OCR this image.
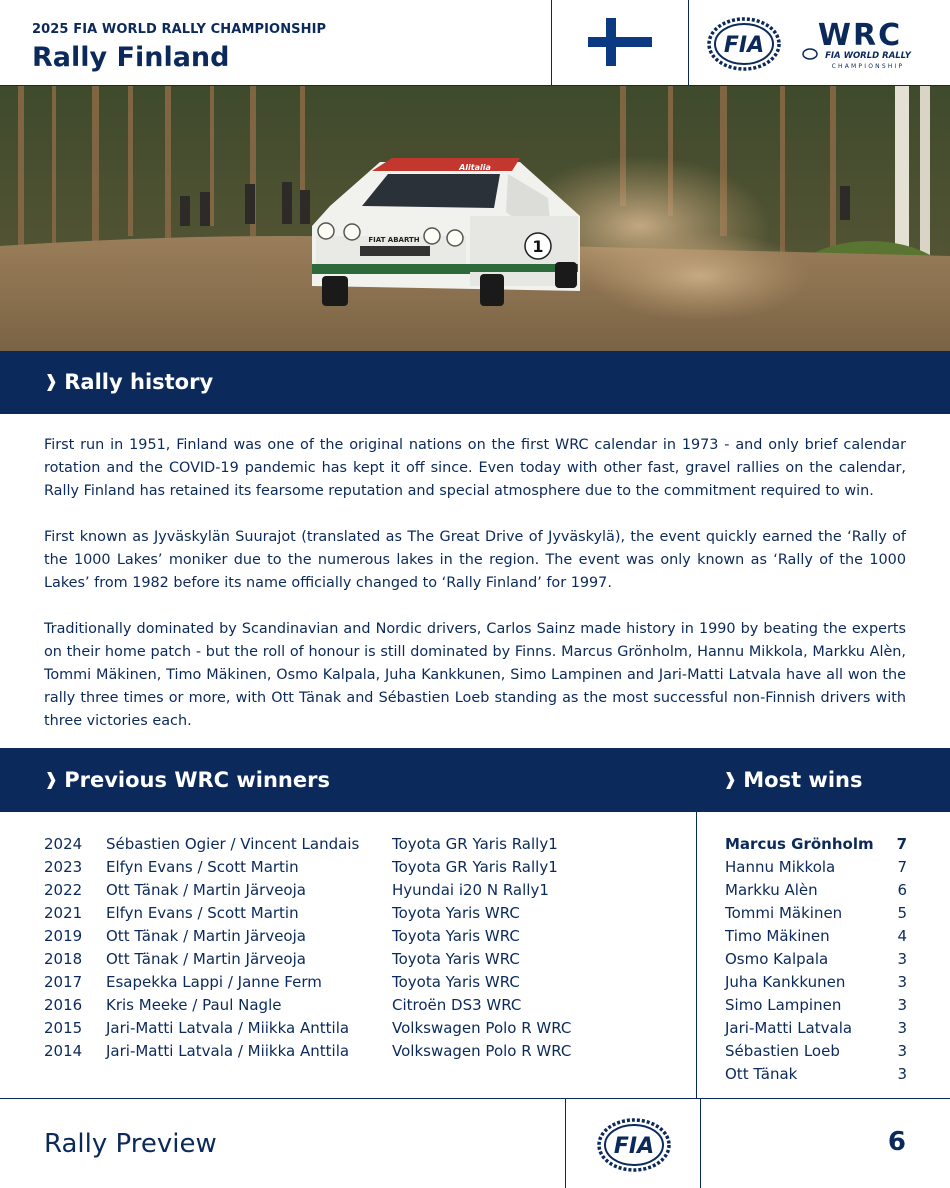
2025 FIA WORLD RALLY CHAMPIONSHIP
Rally Finland	FIA WRC
FIA WORLD RALLY
CHAMPIONSHIP
FIAT ABARTH
Alitalia
1
❱ Rally history

First run in 1951, Finland was one of the original nations on the first WRC calendar in 1973 - and only brief calendar rotation and the COVID-19 pandemic has kept it off since. Even today with other fast, gravel rallies on the calendar, Rally Finland has retained its fearsome reputation and special atmosphere due to the commitment required to win.

First known as Jyväskylän Suurajot (translated as The Great Drive of Jyväskylä), the event quickly earned the ‘Rally of the 1000 Lakes’ moniker due to the numerous lakes in the region. The event was only known as ‘Rally of the 1000 Lakes’ from 1982 before its name officially changed to ‘Rally Finland’ for 1997.

Traditionally dominated by Scandinavian and Nordic drivers, Carlos Sainz made history in 1990 by beating the experts on their home patch - but the roll of honour is still dominated by Finns. Marcus Grönholm, Hannu Mikkola, Markku Alèn, Tommi Mäkinen, Timo Mäkinen, Osmo Kalpala, Juha Kankkunen, Simo Lampinen and Jari-Matti Latvala have all won the rally three times or more, with Ott Tänak and Sébastien Loeb standing as the most successful non-Finnish drivers with three victories each.

❱ Previous WRC winners	❱ Most wins
2024	Sébastien Ogier / Vincent Landais	Toyota GR Yaris Rally1
2023	Elfyn Evans / Scott Martin	Toyota GR Yaris Rally1
2022	Ott Tänak / Martin Järveoja	Hyundai i20 N Rally1
2021	Elfyn Evans / Scott Martin	Toyota Yaris WRC
2019	Ott Tänak / Martin Järveoja	Toyota Yaris WRC
2018	Ott Tänak / Martin Järveoja	Toyota Yaris WRC
2017	Esapekka Lappi / Janne Ferm	Toyota Yaris WRC
2016	Kris Meeke / Paul Nagle	Citroën DS3 WRC
2015	Jari-Matti Latvala / Miikka Anttila	Volkswagen Polo R WRC
2014	Jari-Matti Latvala / Miikka Anttila	Volkswagen Polo R WRC
Marcus Grönholm 7
Hannu Mikkola	7
Markku Alèn	6
Tommi Mäkinen	5
Timo Mäkinen	4
Osmo Kalpala	3
Juha Kankkunen	3
Simo Lampinen	3
Jari-Matti Latvala	3
Sébastien Loeb	3
Ott Tänak	3
Rally Preview	FIA	6
